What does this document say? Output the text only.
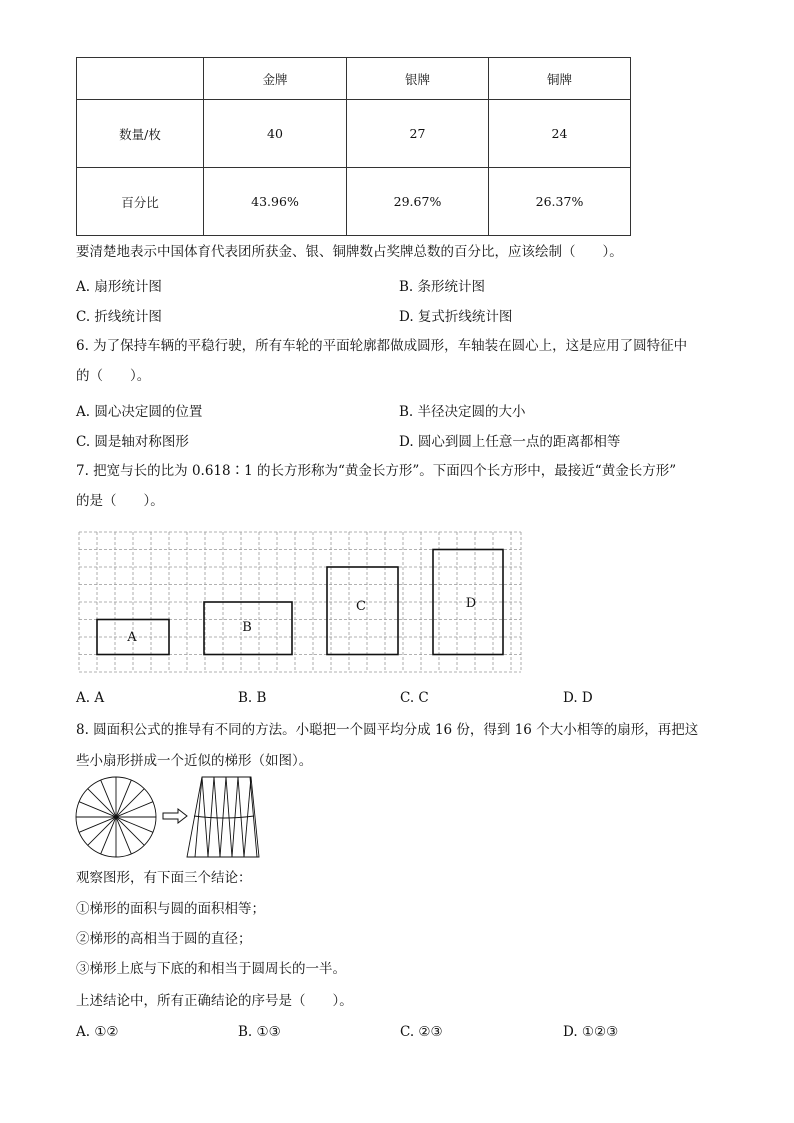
	金牌	银牌	铜牌
数量/枚	40	27	24
百分比	43.96%	29.67%	26.37%
要清楚地表示中国体育代表团所获金、银、铜牌数占奖牌总数的百分比，应该绘制（　　）。
A. 扇形统计图	B. 条形统计图
C. 折线统计图	D. 复式折线统计图
6. 为了保持车辆的平稳行驶，所有车轮的平面轮廓都做成圆形，车轴装在圆心上，这是应用了圆特征中
的（　　）。
A. 圆心决定圆的位置	B. 半径决定圆的大小
C. 圆是轴对称图形	D. 圆心到圆上任意一点的距离都相等
7. 把宽与长的比为 0.618∶1 的长方形称为“黄金长方形”。下面四个长方形中，最接近“黄金长方形”
的是（　　）。
A
B
C	D
A. A	B. B	C. C	D. D
8. 圆面积公式的推导有不同的方法。小聪把一个圆平均分成 16 份，得到 16 个大小相等的扇形，再把这
些小扇形拼成一个近似的梯形（如图）。
观察图形，有下面三个结论：
①梯形的面积与圆的面积相等；
②梯形的高相当于圆的直径；
③梯形上底与下底的和相当于圆周长的一半。
上述结论中，所有正确结论的序号是（　　）。
A. ①②	B. ①③	C. ②③	D. ①②③
